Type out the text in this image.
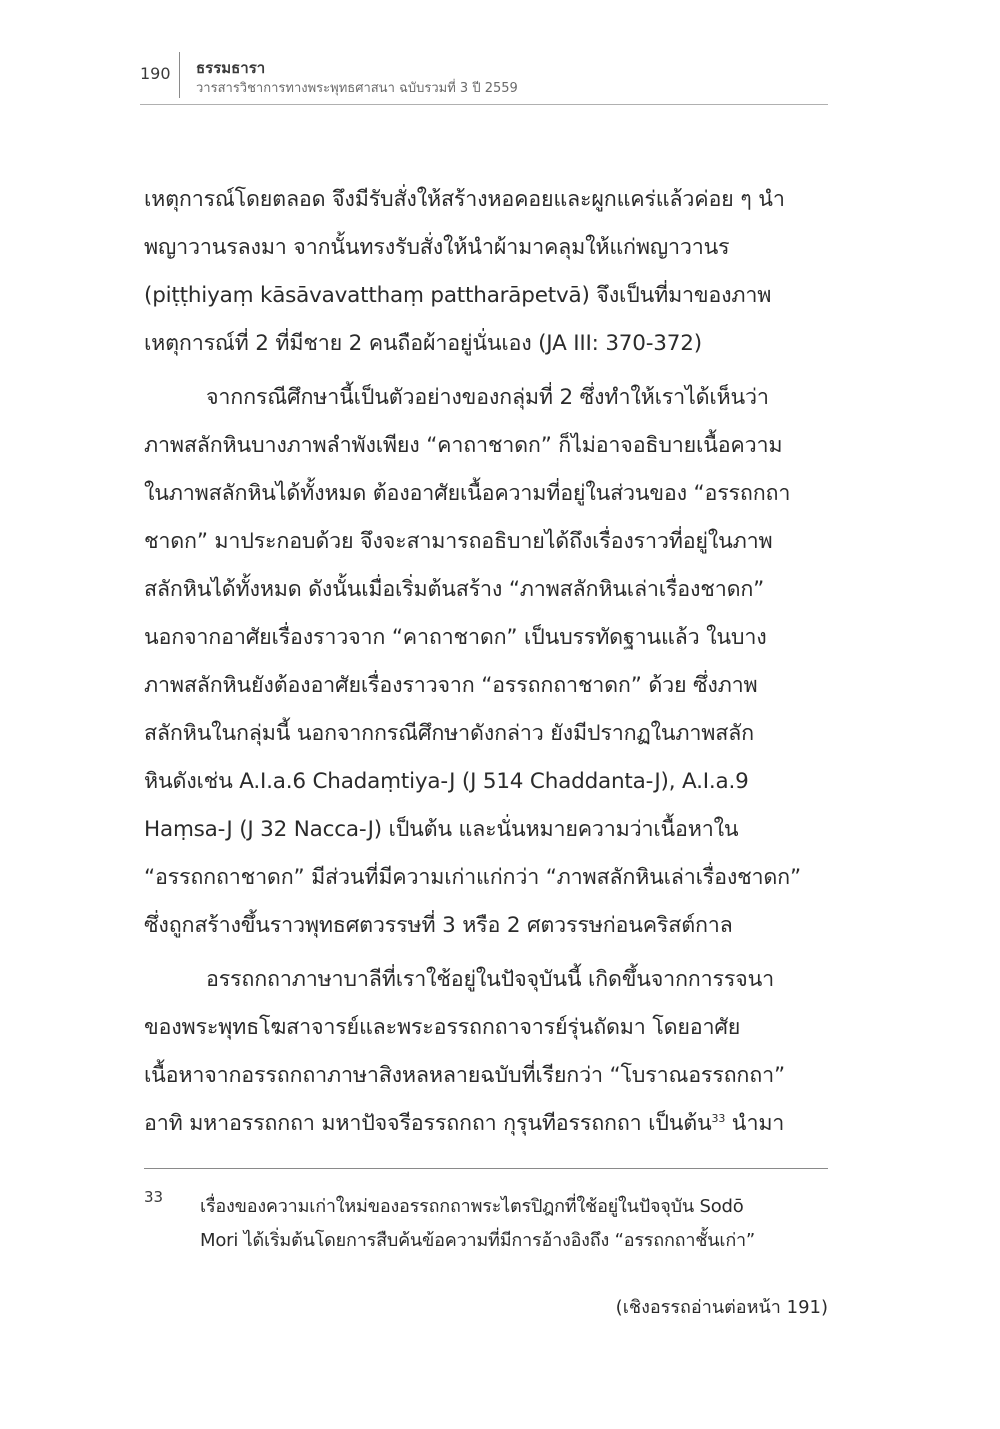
190 ธรรมธารา
วารสารวิชาการทางพระพุทธศาสนา ฉบับรวมที่ 3 ปี 2559
เหตุการณ์โดยตลอด จึงมีรับสั่งให้สร้างหอคอยและผูกแคร่แล้วค่อย ๆ นำ
พญาวานรลงมา จากนั้นทรงรับสั่งให้นำผ้ามาคลุมให้แก่พญาวานร
(piṭṭhiyaṃ kāsāvavatthaṃ pattharāpetvā) จึงเป็นที่มาของภาพ
เหตุการณ์ที่ 2 ที่มีชาย 2 คนถือผ้าอยู่นั่นเอง (JA III: 370-372)
จากกรณีศึกษานี้เป็นตัวอย่างของกลุ่มที่ 2 ซึ่งทำให้เราได้เห็นว่า
ภาพสลักหินบางภาพลำพังเพียง “คาถาชาดก” ก็ไม่อาจอธิบายเนื้อความ
ในภาพสลักหินได้ทั้งหมด ต้องอาศัยเนื้อความที่อยู่ในส่วนของ “อรรถกถา
ชาดก” มาประกอบด้วย จึงจะสามารถอธิบายได้ถึงเรื่องราวที่อยู่ในภาพ
สลักหินได้ทั้งหมด ดังนั้นเมื่อเริ่มต้นสร้าง “ภาพสลักหินเล่าเรื่องชาดก”
นอกจากอาศัยเรื่องราวจาก “คาถาชาดก” เป็นบรรทัดฐานแล้ว ในบาง
ภาพสลักหินยังต้องอาศัยเรื่องราวจาก “อรรถกถาชาดก” ด้วย ซึ่งภาพ
สลักหินในกลุ่มนี้ นอกจากกรณีศึกษาดังกล่าว ยังมีปรากฏในภาพสลัก
หินดังเช่น A.I.a.6 Chadaṃtiya-J (J 514 Chaddanta-J), A.I.a.9
Haṃsa-J (J 32 Nacca-J) เป็นต้น และนั่นหมายความว่าเนื้อหาใน
“อรรถกถาชาดก” มีส่วนที่มีความเก่าแก่กว่า “ภาพสลักหินเล่าเรื่องชาดก”
ซึ่งถูกสร้างขึ้นราวพุทธศตวรรษที่ 3 หรือ 2 ศตวรรษก่อนคริสต์กาล
อรรถกถาภาษาบาลีที่เราใช้อยู่ในปัจจุบันนี้ เกิดขึ้นจากการรจนา
ของพระพุทธโฆสาจารย์และพระอรรถกถาจารย์รุ่นถัดมา โดยอาศัย
เนื้อหาจากอรรถกถาภาษาสิงหลหลายฉบับที่เรียกว่า “โบราณอรรถกถา”
อาทิ มหาอรรถกถา มหาปัจจรีอรรถกถา กุรุนทีอรรถกถา เป็นต้น$^{33}$ นำมา
33 เรื่องของความเก่าใหม่ของอรรถกถาพระไตรปิฎกที่ใช้อยู่ในปัจจุบัน Sodō
Mori ได้เริ่มต้นโดยการสืบค้นข้อความที่มีการอ้างอิงถึง “อรรถกถาชั้นเก่า”
(เชิงอรรถอ่านต่อหน้า 191)
